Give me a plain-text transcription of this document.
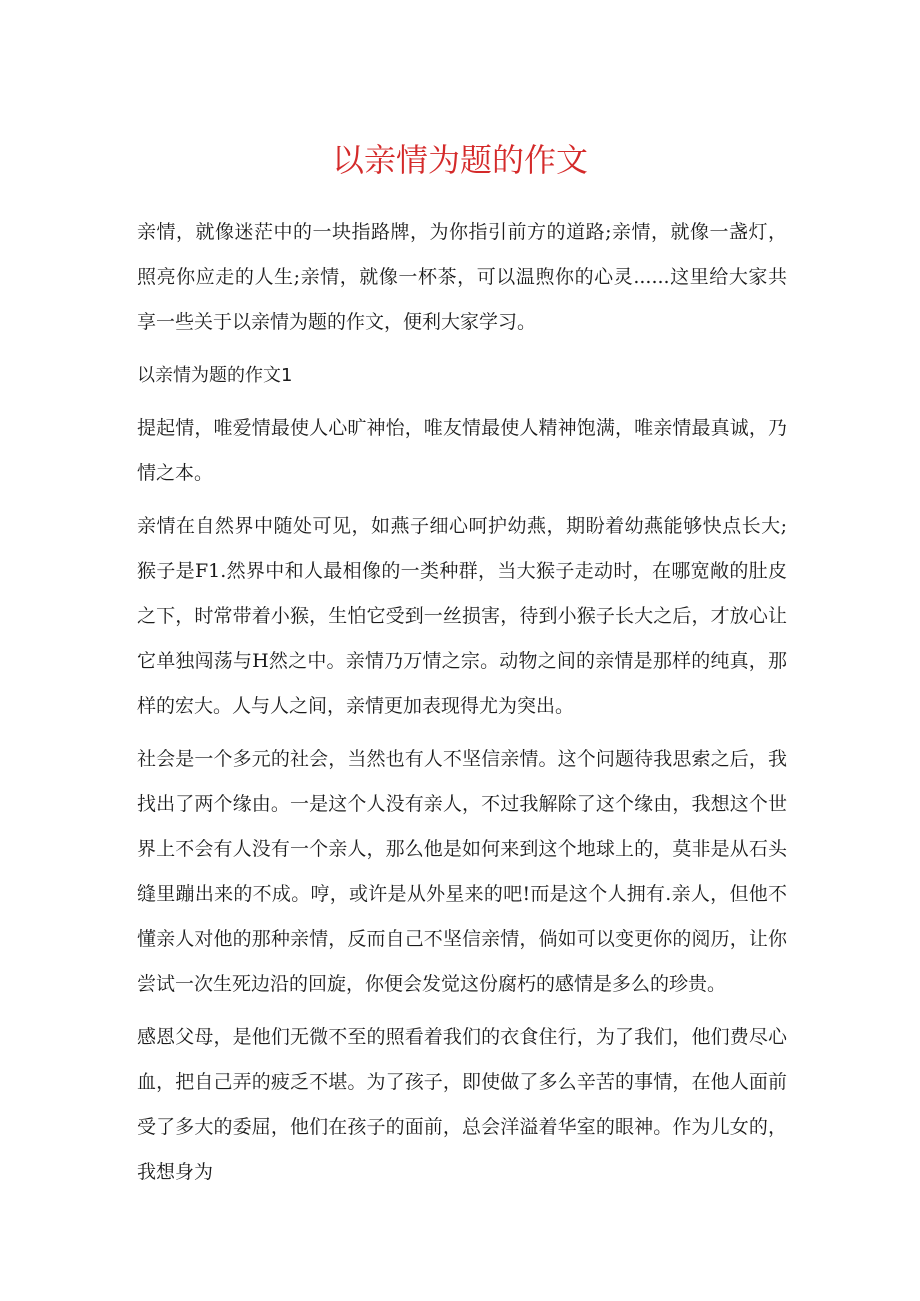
以亲情为题的作文

亲情，就像迷茫中的一块指路牌，为你指引前方的道路;亲情，就像一盏灯，照亮你应走的人生;亲情，就像一杯茶，可以温煦你的心灵......这里给大家共享一些关于以亲情为题的作文，便利大家学习。

以亲情为题的作文1

提起情，唯爱情最使人心旷神怡，唯友情最使人精神饱满，唯亲情最真诚，乃情之本。

亲情在自然界中随处可见，如燕子细心呵护幼燕，期盼着幼燕能够快点长大;猴子是F1.然界中和人最相像的一类种群，当大猴子走动时，在哪宽敞的肚皮之下，时常带着小猴，生怕它受到一丝损害，待到小猴子长大之后，才放心让它单独闯荡与H然之中。亲情乃万情之宗。动物之间的亲情是那样的纯真，那样的宏大。人与人之间，亲情更加表现得尤为突出。

社会是一个多元的社会，当然也有人不坚信亲情。这个问题待我思索之后，我找出了两个缘由。一是这个人没有亲人，不过我解除了这个缘由，我想这个世界上不会有人没有一个亲人，那么他是如何来到这个地球上的，莫非是从石头缝里蹦出来的不成。哼，或许是从外星来的吧!而是这个人拥有.亲人，但他不懂亲人对他的那种亲情，反而自己不坚信亲情，倘如可以变更你的阅历，让你尝试一次生死边沿的回旋，你便会发觉这份腐朽的感情是多么的珍贵。

感恩父母，是他们无微不至的照看着我们的衣食住行，为了我们，他们费尽心血，把自己弄的疲乏不堪。为了孩子，即使做了多么辛苦的事情，在他人面前受了多大的委屈，他们在孩子的面前，总会洋溢着华室的眼神。作为儿女的，我想身为
